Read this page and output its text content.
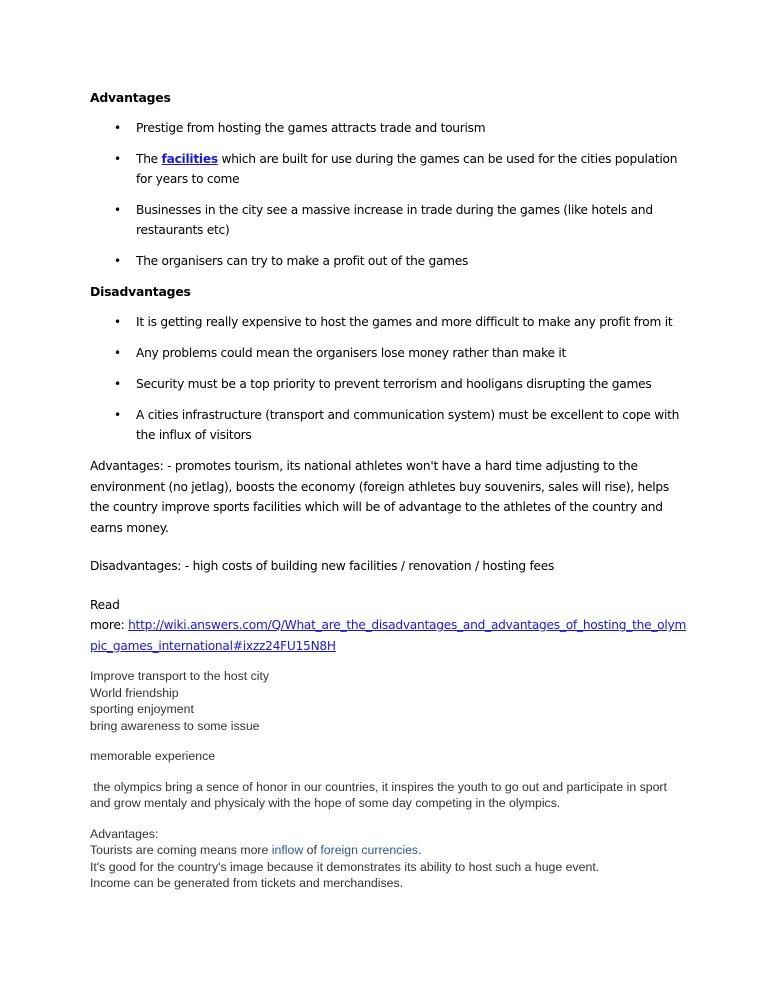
Advantages
• Prestige from hosting the games attracts trade and tourism
• The facilities which are built for use during the games can be used for the cities population for years to come
• Businesses in the city see a massive increase in trade during the games (like hotels and restaurants etc)
• The organisers can try to make a profit out of the games
Disadvantages
• It is getting really expensive to host the games and more difficult to make any profit from it
• Any problems could mean the organisers lose money rather than make it
• Security must be a top priority to prevent terrorism and hooligans disrupting the games
• A cities infrastructure (transport and communication system) must be excellent to cope with the influx of visitors

Advantages: - promotes tourism, its national athletes won't have a hard time adjusting to the environment (no jetlag), boosts the economy (foreign athletes buy souvenirs, sales will rise), helps the country improve sports facilities which will be of advantage to the athletes of the country and earns money.

Disadvantages: - high costs of building new facilities / renovation / hosting fees

Read
more: http://wiki.answers.com/Q/What_are_the_disadvantages_and_advantages_of_hosting_the_olympic_games_international#ixzz24FU15N8H

Improve transport to the host city
World friendship
sporting enjoyment
bring awareness to some issue
memorable experience
the olympics bring a sence of honor in our countries, it inspires the youth to go out and participate in sport and grow mentaly and physicaly with the hope of some day competing in the olympics.
Advantages:
Tourists are coming means more inflow of foreign currencies.
It's good for the country's image because it demonstrates its ability to host such a huge event.
Income can be generated from tickets and merchandises.
